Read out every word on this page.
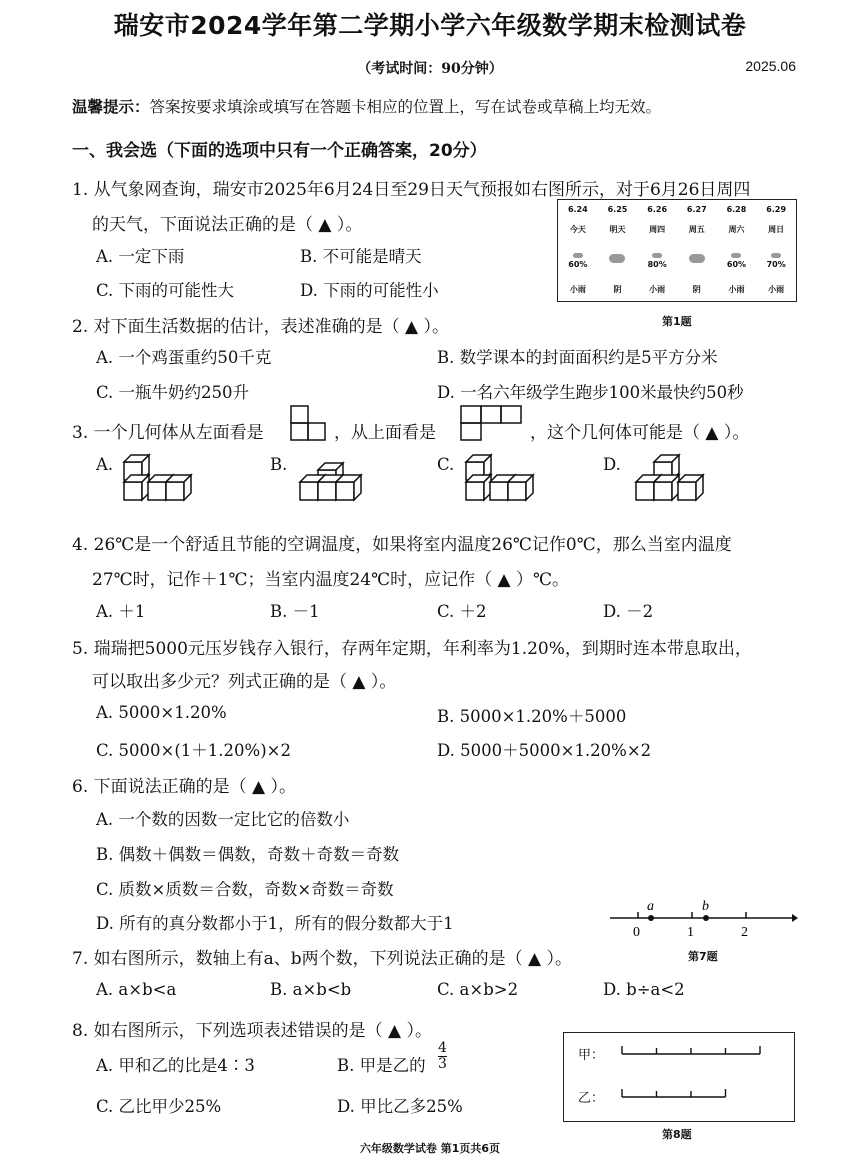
瑞安市2024学年第二学期小学六年级数学期末检测试卷
（考试时间：90分钟）	2025.06
温馨提示：答案按要求填涂或填写在答题卡相应的位置上，写在试卷或草稿上均无效。
一、我会选（下面的选项中只有一个正确答案，20分）
1. 从气象网查询，瑞安市2025年6月24日至29日天气预报如右图所示，对于6月26日周四
的天气，下面说法正确的是（ ▲ ）。
A. 一定下雨	B. 不可能是晴天
C. 下雨的可能性大	D. 下雨的可能性小
6.24	6.25	6.26	6.27	6.28	6.29
今天	明天	周四	周五	周六	周日

60%		80%		60%	70%
小雨	阴	小雨	阴	小雨	小雨
第1题
2. 对下面生活数据的估计，表述准确的是（ ▲ ）。
A. 一个鸡蛋重约50千克	B. 数学课本的封面面积约是5平方分米
C. 一瓶牛奶约250升	D. 一名六年级学生跑步100米最快约50秒
3. 一个几何体从左面看是	，从上面看是	，这个几何体可能是（ ▲ ）。
A.	B.	C.	D.
4. 26℃是一个舒适且节能的空调温度，如果将室内温度26℃记作0℃，那么当室内温度
27℃时，记作＋1℃；当室内温度24℃时，应记作（ ▲ ）℃。
A. ＋1	B. －1	C. ＋2	D. －2
5. 瑞瑞把5000元压岁钱存入银行，存两年定期，年利率为1.20%，到期时连本带息取出，
可以取出多少元？列式正确的是（ ▲ ）。
A. 5000×1.20%	B. 5000×1.20%＋5000
C. 5000×(1＋1.20%)×2	D. 5000＋5000×1.20%×2
6. 下面说法正确的是（ ▲ ）。
A. 一个数的因数一定比它的倍数小
B. 偶数＋偶数＝偶数，奇数＋奇数＝奇数
C. 质数×质数＝合数，奇数×奇数＝奇数
D. 所有的真分数都小于1，所有的假分数都大于1
a	b
0	1	2
第7题
7. 如右图所示，数轴上有a、b两个数，下列说法正确的是（ ▲ ）。
A. a×b<a	B. a×b<b	C. a×b>2	D. b÷a<2
8. 如右图所示，下列选项表述错误的是（ ▲ ）。
A. 甲和乙的比是4∶3	B. 甲是乙的 $\frac{4}{3}$
C. 乙比甲少25%	D. 甲比乙多25%
甲：
乙：
第8题
六年级数学试卷 第1页共6页
